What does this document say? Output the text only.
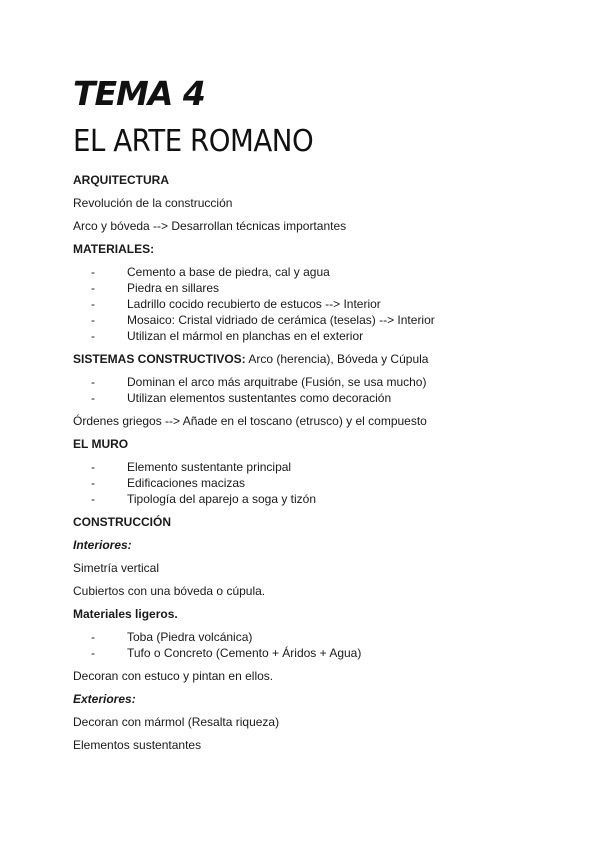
TEMA 4
EL ARTE ROMANO

ARQUITECTURA

Revolución de la construcción

Arco y bóveda --> Desarrollan técnicas importantes

MATERIALES:

-	Cemento a base de piedra, cal y agua
-	Piedra en sillares
-	Ladrillo cocido recubierto de estucos --> Interior
-	Mosaico: Cristal vidriado de cerámica (teselas) --> Interior
-	Utilizan el mármol en planchas en el exterior

SISTEMAS CONSTRUCTIVOS: Arco (herencia), Bóveda y Cúpula

-	Dominan el arco más arquitrabe (Fusión, se usa mucho)
-	Utilizan elementos sustentantes como decoración

Órdenes griegos --> Añade en el toscano (etrusco) y el compuesto

EL MURO

-	Elemento sustentante principal
-	Edificaciones macizas
-	Tipología del aparejo a soga y tizón

CONSTRUCCIÓN

Interiores:

Simetría vertical

Cubiertos con una bóveda o cúpula.

Materiales ligeros.

-	Toba (Piedra volcánica)
-	Tufo o Concreto (Cemento + Áridos + Agua)

Decoran con estuco y pintan en ellos.

Exteriores:

Decoran con mármol (Resalta riqueza)

Elementos sustentantes
